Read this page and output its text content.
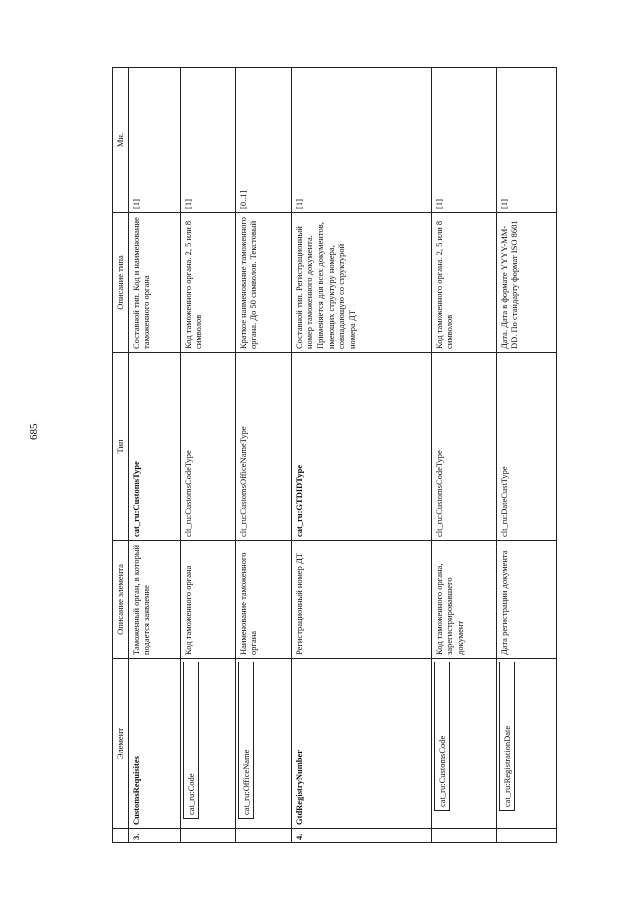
685
	Элемент	Описание элемента	Тип	Описание типа	Мн.
3.	CustomsRequisites	Таможенный орган, в который подается заявление	cat_ru:CustomsType	Составной тип. Код и наименование таможенного органа	[1]

	cat_ru:Code	Код таможенного органа	clt_ru:CustomsCodeType	Код таможенного органа. 2, 5 или 8 символов	[1]

	cat_ru:OfficeName	Наименование таможенного органа	clt_ru:CustomsOfficeNameType	Краткое наименование таможенного органа. До 50 символов. Текстовый	[0..1]
4.	GtdRegistryNumber	Регистрационный номер ДТ	cat_ru:GTDIDType	Составной тип. Регистрационный номер таможенного документа. Применяется для всех документов, имеющих структуру номера, совпадающую со структурой номера ДТ	[1]

	cat_ru:CustomsCode	Код таможенного органа, зарегистрировавшего документ	clt_ru:CustomsCodeType	Код таможенного органа. 2, 5 или 8 символов	[1]

	cat_ru:RegistrationDate	Дата регистрации документа	clt_ru:DateCustType	Дата. Дата в формате YYYY-MM-DD. По стандарту формат ISO 8601	[1]
